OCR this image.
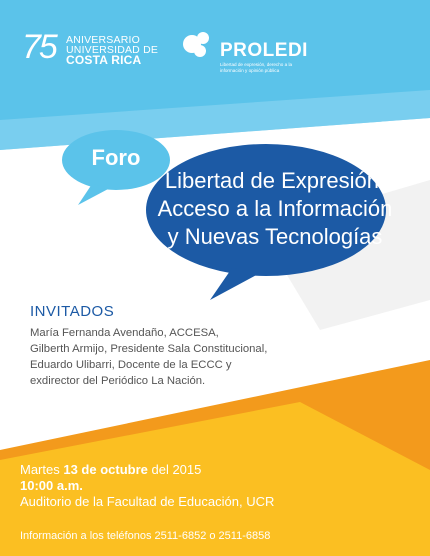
75 ANIVERSARIO
UNIVERSIDAD DE
COSTA RICA	PROLEDI
Libertad de expresión, derecho a la
información y opinión pública
Foro
Libertad de Expresión,
Acceso a la Información
y Nuevas Tecnologías
INVITADOS
María Fernanda Avendaño, ACCESA,
Gilberth Armijo, Presidente Sala Constitucional,
Eduardo Ulibarri, Docente de la ECCC y
exdirector del Periódico La Nación.
Martes 13 de octubre del 2015
10:00 a.m.
Auditorio de la Facultad de Educación, UCR
Información a los teléfonos 2511-6852 o 2511-6858
